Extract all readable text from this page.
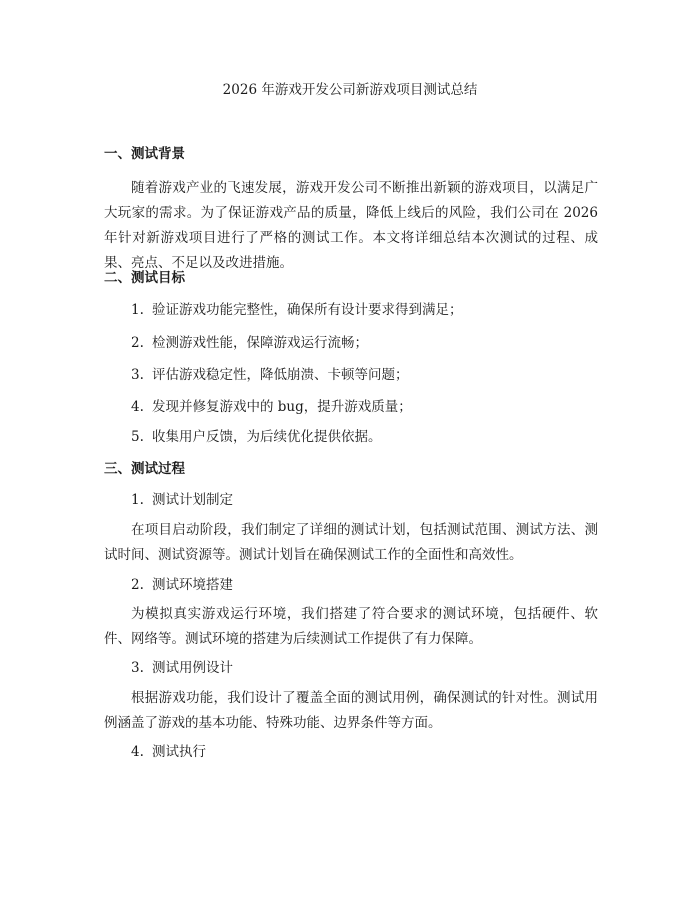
2026 年游戏开发公司新游戏项目测试总结
一、测试背景

随着游戏产业的飞速发展，游戏开发公司不断推出新颖的游戏项目，以满足广大玩家的需求。为了保证游戏产品的质量，降低上线后的风险，我们公司在 2026 年针对新游戏项目进行了严格的测试工作。本文将详细总结本次测试的过程、成果、亮点、不足以及改进措施。

二、测试目标
1. 验证游戏功能完整性，确保所有设计要求得到满足；
2. 检测游戏性能，保障游戏运行流畅；
3. 评估游戏稳定性，降低崩溃、卡顿等问题；
4. 发现并修复游戏中的 bug，提升游戏质量；
5. 收集用户反馈，为后续优化提供依据。
三、测试过程
1. 测试计划制定

在项目启动阶段，我们制定了详细的测试计划，包括测试范围、测试方法、测试时间、测试资源等。测试计划旨在确保测试工作的全面性和高效性。

2. 测试环境搭建

为模拟真实游戏运行环境，我们搭建了符合要求的测试环境，包括硬件、软件、网络等。测试环境的搭建为后续测试工作提供了有力保障。

3. 测试用例设计

根据游戏功能，我们设计了覆盖全面的测试用例，确保测试的针对性。测试用例涵盖了游戏的基本功能、特殊功能、边界条件等方面。

4. 测试执行
